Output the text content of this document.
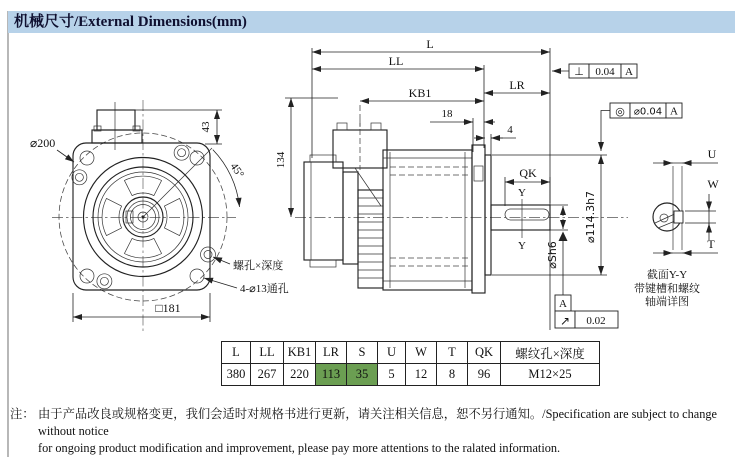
45°
⌀200
43
螺孔×深度
4-⌀13通孔
□181
Y
Y
L
LL
LR
KB1
18
4
QK
134
⌀114.3h7
⌀Sh6
⊥ 0.04 A
◎ ⌀0.04 A
A
↗ 0.02
U
W
T
截面Y-Y
带键槽和螺纹
轴端详图
机械尺寸/External Dimensions(mm)
L	LL	KB1	LR	S	U	W	T	QK	螺纹孔×深度
380	267	220	113	35	5	12	8	96	M12×25
注： 由于产品改良或规格变更，我们会适时对规格书进行更新，请关注相关信息，恕不另行通知。/Specification are subject to change without notice
for ongoing product modification and improvement, please pay more attentions to the ralated information.
